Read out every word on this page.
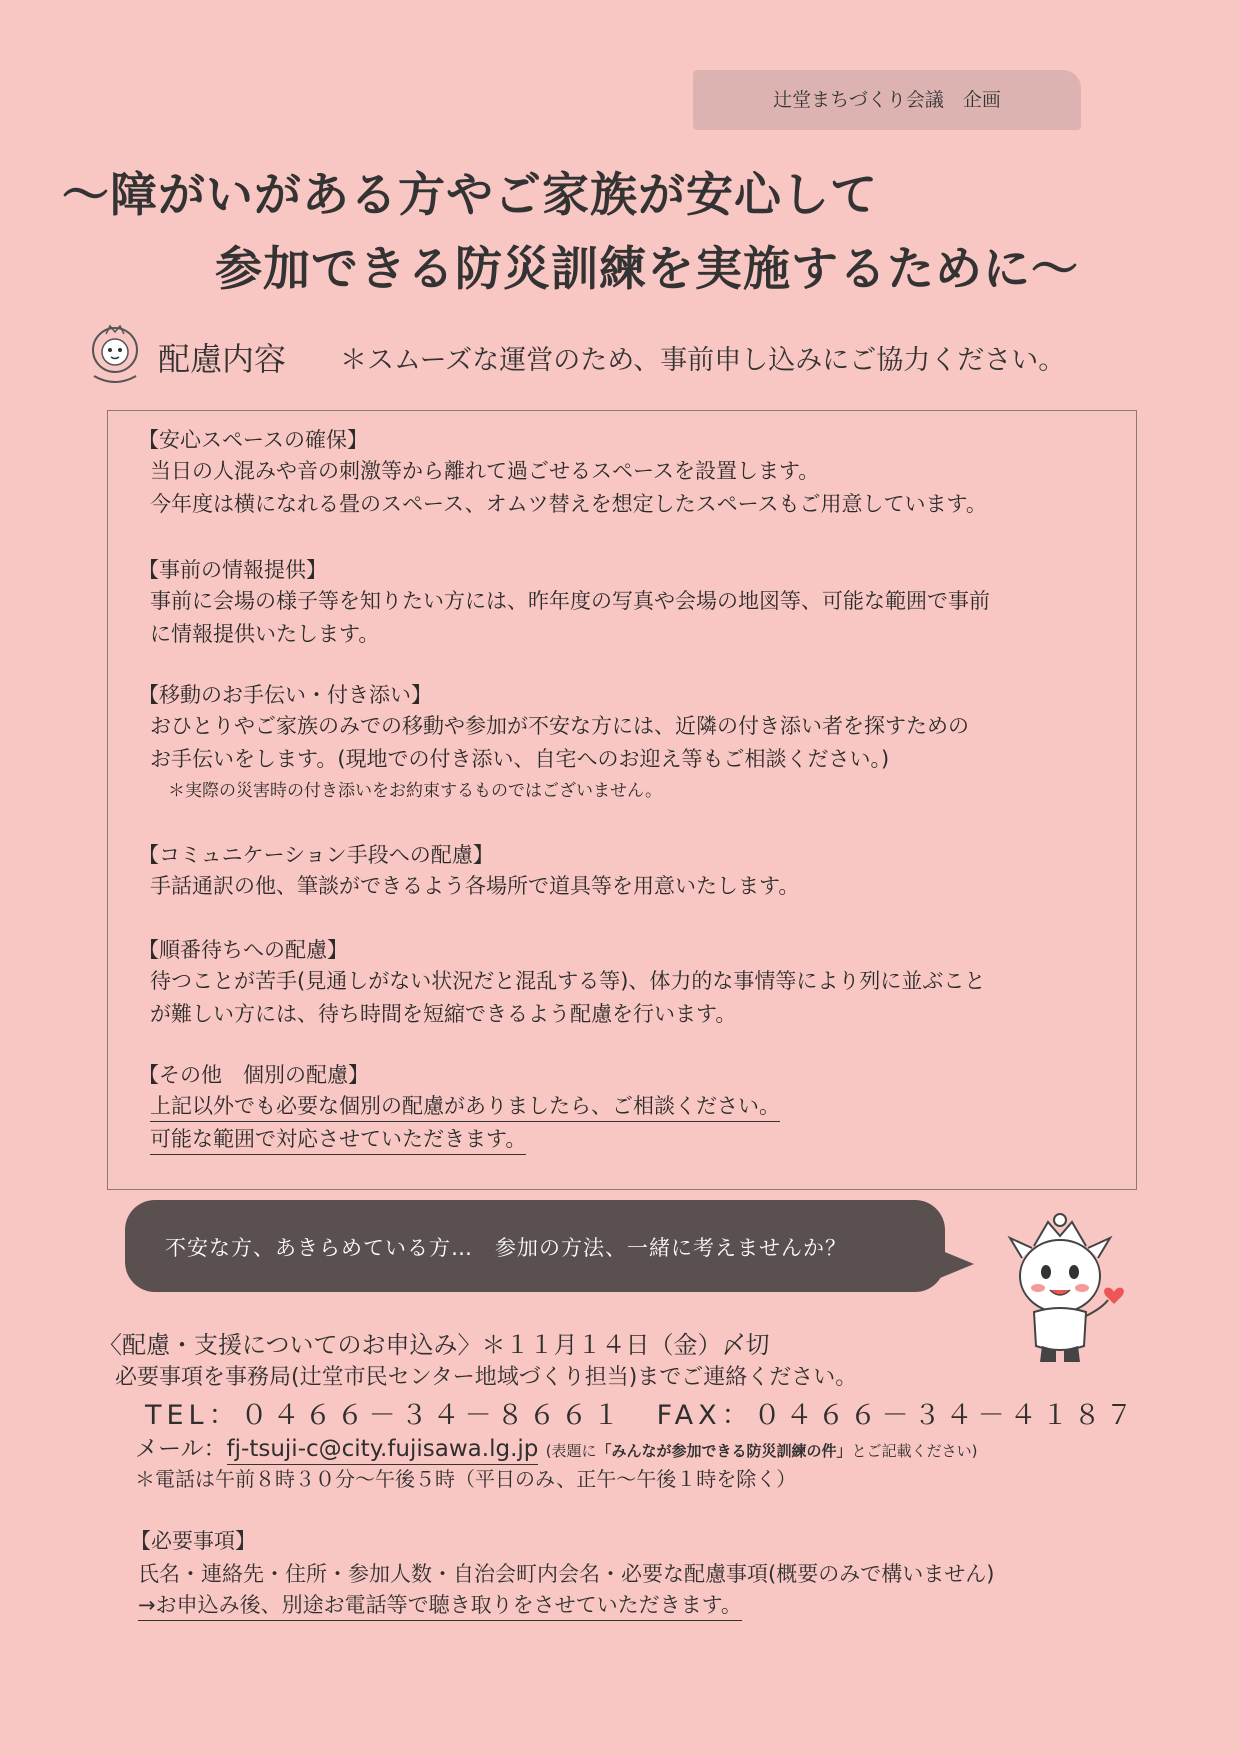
辻堂まちづくり会議　企画
～障がいがある方やご家族が安心して
参加できる防災訓練を実施するために～
配慮内容 ＊スムーズな運営のため、事前申し込みにご協力ください。
【安心スペースの確保】
当日の人混みや音の刺激等から離れて過ごせるスペースを設置します。
今年度は横になれる畳のスペース、オムツ替えを想定したスペースもご用意しています。
【事前の情報提供】
事前に会場の様子等を知りたい方には、昨年度の写真や会場の地図等、可能な範囲で事前
に情報提供いたします。
【移動のお手伝い・付き添い】
おひとりやご家族のみでの移動や参加が不安な方には、近隣の付き添い者を探すための
お手伝いをします。(現地での付き添い、自宅へのお迎え等もご相談ください。)
＊実際の災害時の付き添いをお約束するものではございません。
【コミュニケーション手段への配慮】
手話通訳の他、筆談ができるよう各場所で道具等を用意いたします。
【順番待ちへの配慮】
待つことが苦手(見通しがない状況だと混乱する等)、体力的な事情等により列に並ぶこと
が難しい方には、待ち時間を短縮できるよう配慮を行います。
【その他　個別の配慮】
上記以外でも必要な個別の配慮がありましたら、ご相談ください。
可能な範囲で対応させていただきます。
不安な方、あきらめている方…　参加の方法、一緒に考えませんか？
〈配慮・支援についてのお申込み〉＊１１月１４日（金）〆切
必要事項を事務局(辻堂市民センター地域づくり担当)までご連絡ください。
TEL：０４６６－３４－８６６１　FAX：０４６６－３４－４１８７
メール：fj-tsuji-c@city.fujisawa.lg.jp (表題に「みんなが参加できる防災訓練の件」とご記載ください)
＊電話は午前８時３０分～午後５時（平日のみ、正午～午後１時を除く）
【必要事項】
氏名・連絡先・住所・参加人数・自治会町内会名・必要な配慮事項(概要のみで構いません)
→お申込み後、別途お電話等で聴き取りをさせていただきます。
